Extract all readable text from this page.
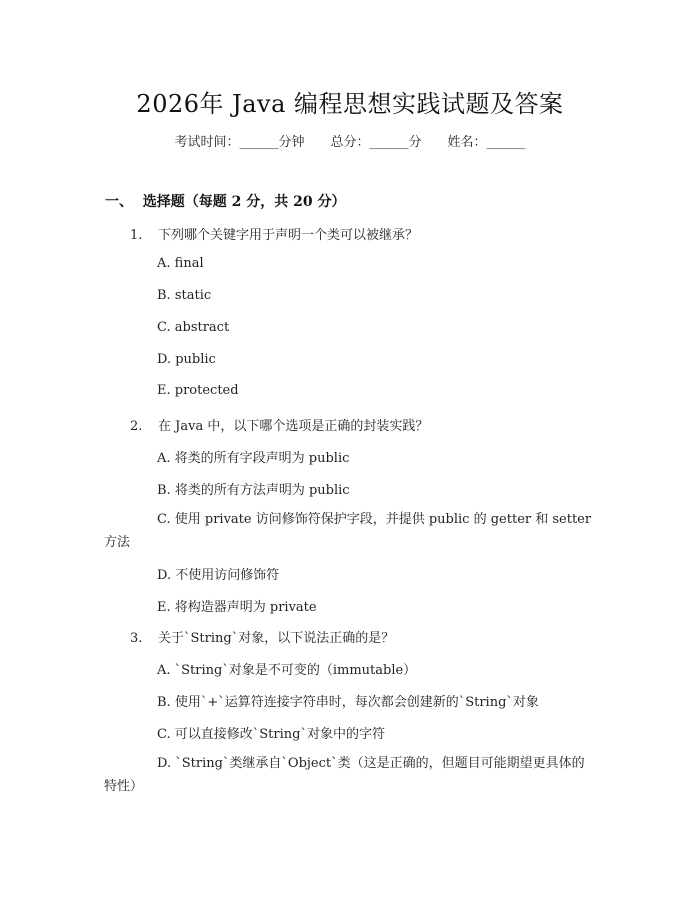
2026年 Java 编程思想实践试题及答案
考试时间：______分钟 总分：______分 姓名：______
一、  选择题（每题 2 分，共 20 分）
1. 下列哪个关键字用于声明一个类可以被继承？
A. final
B. static
C. abstract
D. public
E. protected
2. 在 Java 中，以下哪个选项是正确的封装实践？
A. 将类的所有字段声明为 public
B. 将类的所有方法声明为 public
C. 使用 private 访问修饰符保护字段，并提供 public 的 getter 和 setter 方法
D. 不使用访问修饰符
E. 将构造器声明为 private
3. 关于`String`对象，以下说法正确的是？
A. `String`对象是不可变的（immutable）
B. 使用`+`运算符连接字符串时，每次都会创建新的`String`对象
C. 可以直接修改`String`对象中的字符
D. `String`类继承自`Object`类（这是正确的，但题目可能期望更具体的特性）
